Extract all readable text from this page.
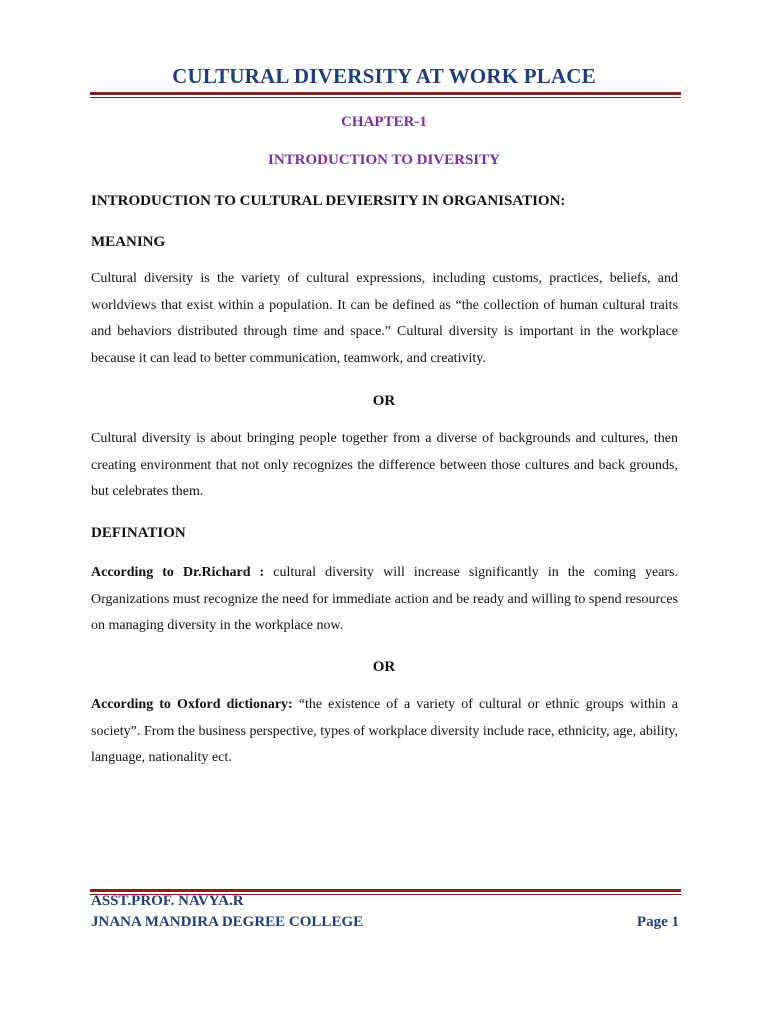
CULTURAL DIVERSITY AT WORK PLACE
CHAPTER-1
INTRODUCTION TO DIVERSITY
INTRODUCTION TO CULTURAL DEVIERSITY IN ORGANISATION:
MEANING
Cultural diversity is the variety of cultural expressions, including customs, practices, beliefs, and worldviews that exist within a population. It can be defined as “the collection of human cultural traits and behaviors distributed through time and space.” Cultural diversity is important in the workplace because it can lead to better communication, teamwork, and creativity.
OR
Cultural diversity is about bringing people together from a diverse of backgrounds and cultures, then creating environment that not only recognizes the difference between those cultures and back grounds, but celebrates them.
DEFINATION
According to Dr.Richard : cultural diversity will increase significantly in the coming years. Organizations must recognize the need for immediate action and be ready and willing to spend resources on managing diversity in the workplace now.
OR
According to Oxford dictionary: “the existence of a variety of cultural or ethnic groups within a society”. From the business perspective, types of workplace diversity include race, ethnicity, age, ability, language, nationality ect.
ASST.PROF. NAVYA.R
JNANA MANDIRA DEGREE COLLEGE	Page 1
